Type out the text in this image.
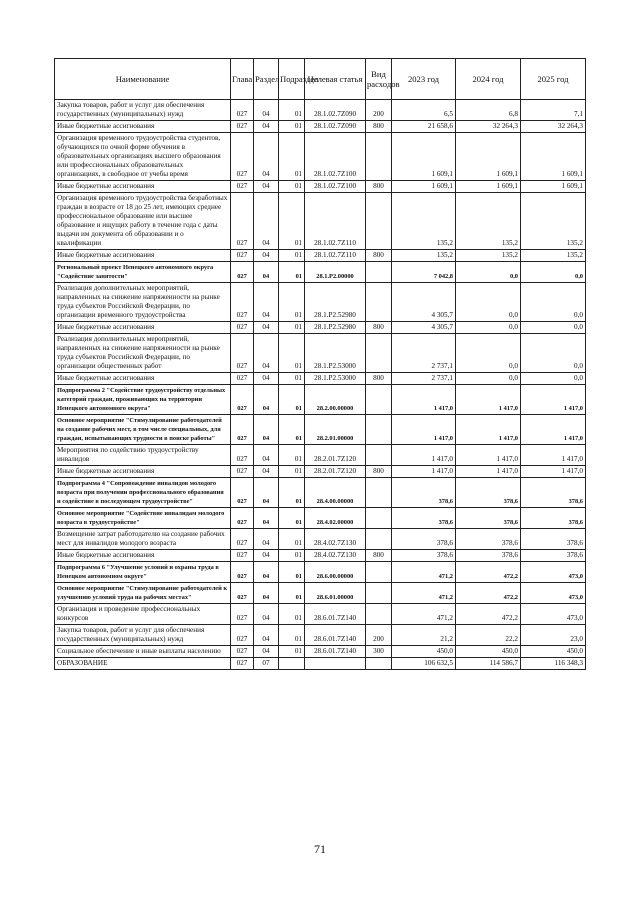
Наименование	Глава	Раздел	Подраздел	Целевая статья	Вид расходов	2023 год	2024 год	2025 год
Закупка товаров, работ и услуг для обеспечения государственных (муниципальных) нужд	027	04	01	28.1.02.7Z090	200	6,5	6,8	7,1
Иные бюджетные ассигнования	027	04	01	28.1.02.7Z090	800	21 658,6	32 264,3	32 264,3
Организация временного трудоустройства студентов, обучающихся по очной форме обучения в образовательных организациях высшего образования или профессиональных образовательных организациях, в свободное от учебы время	027	04	01	28.1.02.7Z100		1 609,1	1 609,1	1 609,1
Иные бюджетные ассигнования	027	04	01	28.1.02.7Z100	800	1 609,1	1 609,1	1 609,1
Организация временного трудоустройства безработных граждан в возрасте от 18 до 25 лет, имеющих среднее профессиональное образование или высшее образование и ищущих работу в течение года с даты выдачи им документа об образовании и о квалификации	027	04	01	28.1.02.7Z110		135,2	135,2	135,2
Иные бюджетные ассигнования	027	04	01	28.1.02.7Z110	800	135,2	135,2	135,2
Региональный проект Ненецкого автономного округа "Содействие занятости"	027	04	01	28.1.P2.00000		7 042,8	0,0	0,0
Реализация дополнительных мероприятий, направленных на снижение напряженности на рынке труда субъектов Российской Федерации, по организации временного трудоустройства	027	04	01	28.1.P2.52980		4 305,7	0,0	0,0
Иные бюджетные ассигнования	027	04	01	28.1.P2.52980	800	4 305,7	0,0	0,0
Реализация дополнительных мероприятий, направленных на снижение напряженности на рынке труда субъектов Российской Федерации, по организации общественных работ	027	04	01	28.1.P2.53000		2 737,1	0,0	0,0
Иные бюджетные ассигнования	027	04	01	28.1.P2.53000	800	2 737,1	0,0	0,0
Подпрограмма 2 "Содействие трудоустройству отдельных категорий граждан, проживающих на территории Ненецкого автономного округа"	027	04	01	28.2.00.00000		1 417,0	1 417,0	1 417,0
Основное мероприятие "Стимулирование работодателей на создание рабочих мест, в том числе специальных, для граждан, испытывающих трудности в поиске работы"	027	04	01	28.2.01.00000		1 417,0	1 417,0	1 417,0
Мероприятия по содействию трудоустройству инвалидов	027	04	01	28.2.01.7Z120		1 417,0	1 417,0	1 417,0
Иные бюджетные ассигнования	027	04	01	28.2.01.7Z120	800	1 417,0	1 417,0	1 417,0
Подпрограмма 4 "Сопровождение инвалидов молодого возраста при получении профессионального образования и содействие в последующем трудоустройстве"	027	04	01	28.4.00.00000		378,6	378,6	378,6
Основное мероприятие "Содействие инвалидам молодого возраста в трудоустройстве"	027	04	01	28.4.02.00000		378,6	378,6	378,6
Возмещение затрат работодателю на создание рабочих мест для инвалидов молодого возраста	027	04	01	28.4.02.7Z130		378,6	378,6	378,6
Иные бюджетные ассигнования	027	04	01	28.4.02.7Z130	800	378,6	378,6	378,6
Подпрограмма 6 "Улучшение условий и охраны труда в Ненецком автономном округе"	027	04	01	28.6.00.00000		471,2	472,2	473,0
Основное мероприятие "Стимулирование работодателей к улучшению условий труда на рабочих местах"	027	04	01	28.6.01.00000		471,2	472,2	473,0
Организация и проведение профессиональных конкурсов	027	04	01	28.6.01.7Z140		471,2	472,2	473,0
Закупка товаров, работ и услуг для обеспечения государственных (муниципальных) нужд	027	04	01	28.6.01.7Z140	200	21,2	22,2	23,0
Социальное обеспечение и иные выплаты населению	027	04	01	28.6.01.7Z140	300	450,0	450,0	450,0
ОБРАЗОВАНИЕ	027	07				106 632,5	114 586,7	116 348,3
71
